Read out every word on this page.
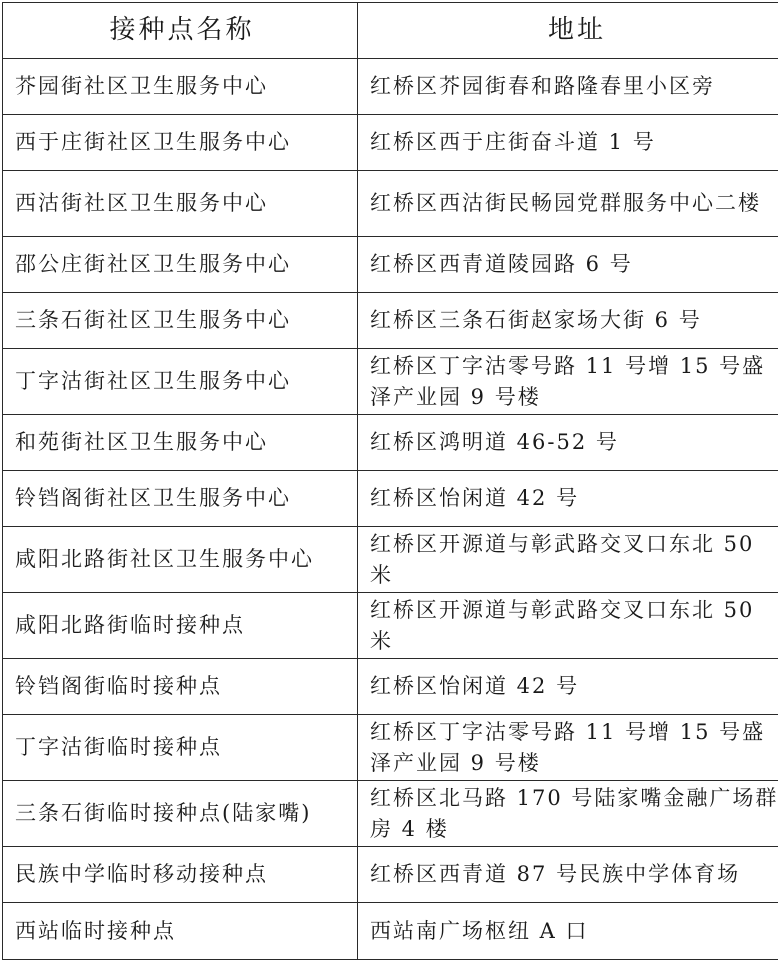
接种点名称	地址
芥园街社区卫生服务中心	红桥区芥园街春和路隆春里小区旁
西于庄街社区卫生服务中心	红桥区西于庄街奋斗道 1 号
西沽街社区卫生服务中心	红桥区西沽街民畅园党群服务中心二楼
邵公庄街社区卫生服务中心	红桥区西青道陵园路 6 号
三条石街社区卫生服务中心	红桥区三条石街赵家场大街 6 号
丁字沽街社区卫生服务中心	红桥区丁字沽零号路 11 号增 15 号盛泽产业园 9 号楼
和苑街社区卫生服务中心	红桥区鸿明道 46-52 号
铃铛阁街社区卫生服务中心	红桥区怡闲道 42 号
咸阳北路街社区卫生服务中心	红桥区开源道与彰武路交叉口东北 50 米
咸阳北路街临时接种点	红桥区开源道与彰武路交叉口东北 50 米
铃铛阁街临时接种点	红桥区怡闲道 42 号
丁字沽街临时接种点	红桥区丁字沽零号路 11 号增 15 号盛泽产业园 9 号楼
三条石街临时接种点(陆家嘴)	红桥区北马路 170 号陆家嘴金融广场群房 4 楼
民族中学临时移动接种点	红桥区西青道 87 号民族中学体育场
西站临时接种点	西站南广场枢纽 A 口
